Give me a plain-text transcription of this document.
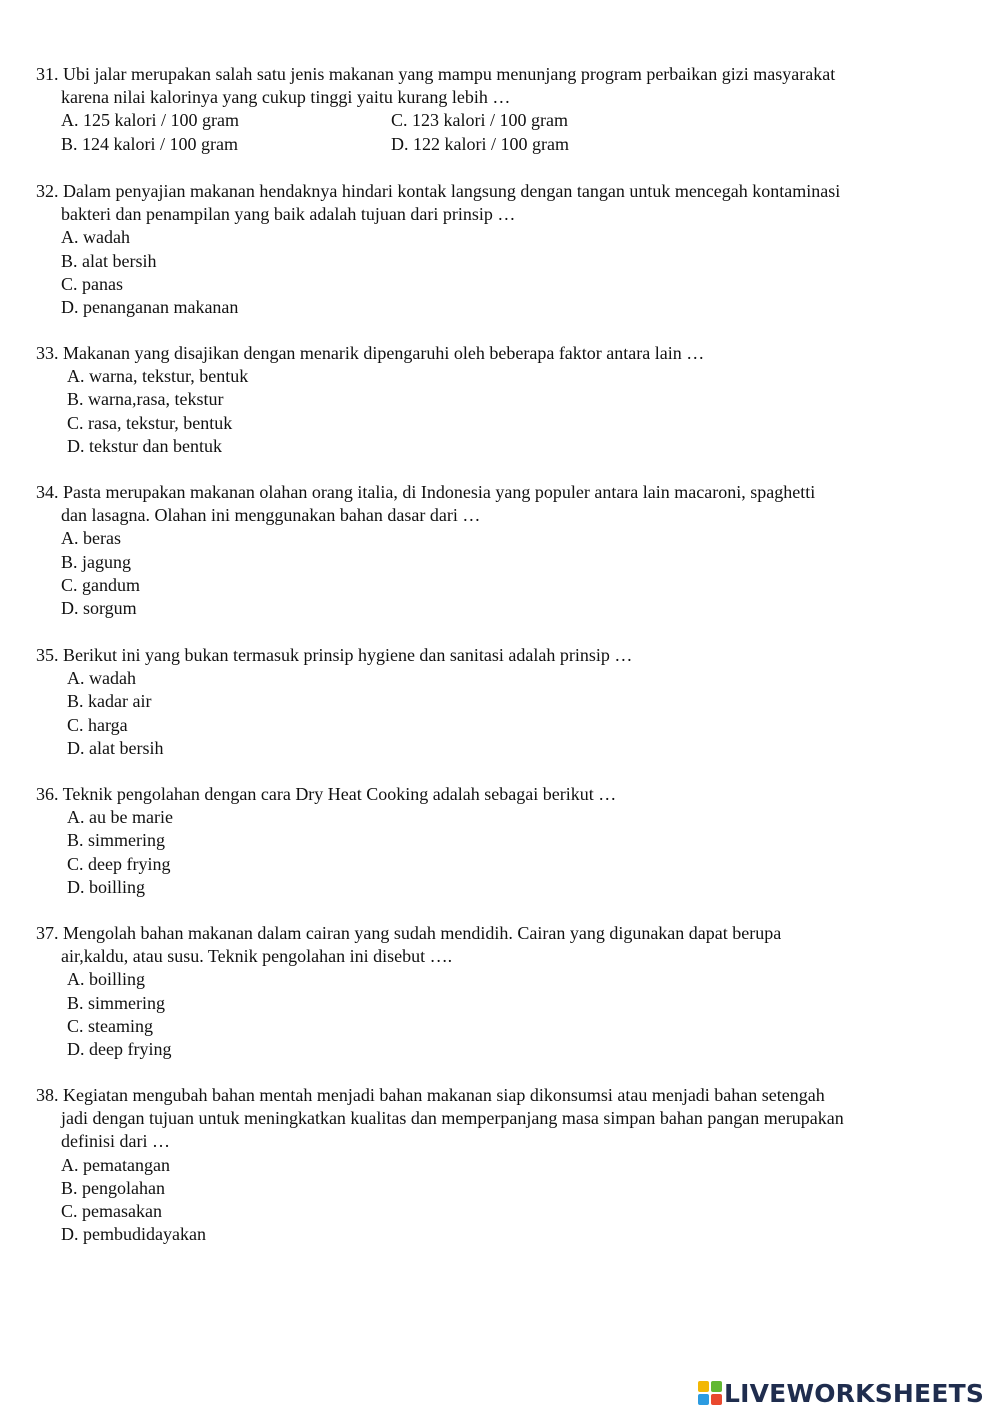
31. Ubi jalar merupakan salah satu jenis makanan yang mampu menunjang program perbaikan gizi masyarakat
karena nilai kalorinya yang cukup tinggi yaitu kurang lebih …
A. 125 kalori / 100 gram	C. 123 kalori / 100 gram
B. 124 kalori / 100 gram	D. 122 kalori / 100 gram
32. Dalam penyajian makanan hendaknya hindari kontak langsung dengan tangan untuk mencegah kontaminasi
bakteri dan penampilan yang baik adalah tujuan dari prinsip …
A. wadah
B. alat bersih
C. panas
D. penanganan makanan
33. Makanan yang disajikan dengan menarik dipengaruhi oleh beberapa faktor antara lain …
A. warna, tekstur, bentuk
B. warna,rasa, tekstur
C. rasa, tekstur, bentuk
D. tekstur dan bentuk
34. Pasta merupakan makanan olahan orang italia, di Indonesia yang populer antara lain macaroni, spaghetti
dan lasagna. Olahan ini menggunakan bahan dasar dari …
A. beras
B. jagung
C. gandum
D. sorgum
35. Berikut ini yang bukan termasuk prinsip hygiene dan sanitasi adalah prinsip …
A. wadah
B. kadar air
C. harga
D. alat bersih
36. Teknik pengolahan dengan cara Dry Heat Cooking adalah sebagai berikut …
A. au be marie
B. simmering
C. deep frying
D. boilling
37. Mengolah bahan makanan dalam cairan yang sudah mendidih. Cairan yang digunakan dapat berupa
air,kaldu, atau susu. Teknik pengolahan ini disebut ….
A. boilling
B. simmering
C. steaming
D. deep frying
38. Kegiatan mengubah bahan mentah menjadi bahan makanan siap dikonsumsi atau menjadi bahan setengah
jadi dengan tujuan untuk meningkatkan kualitas dan memperpanjang masa simpan bahan pangan merupakan
definisi dari …
A. pematangan
B. pengolahan
C. pemasakan
D. pembudidayakan
LIVEWORKSHEETS
